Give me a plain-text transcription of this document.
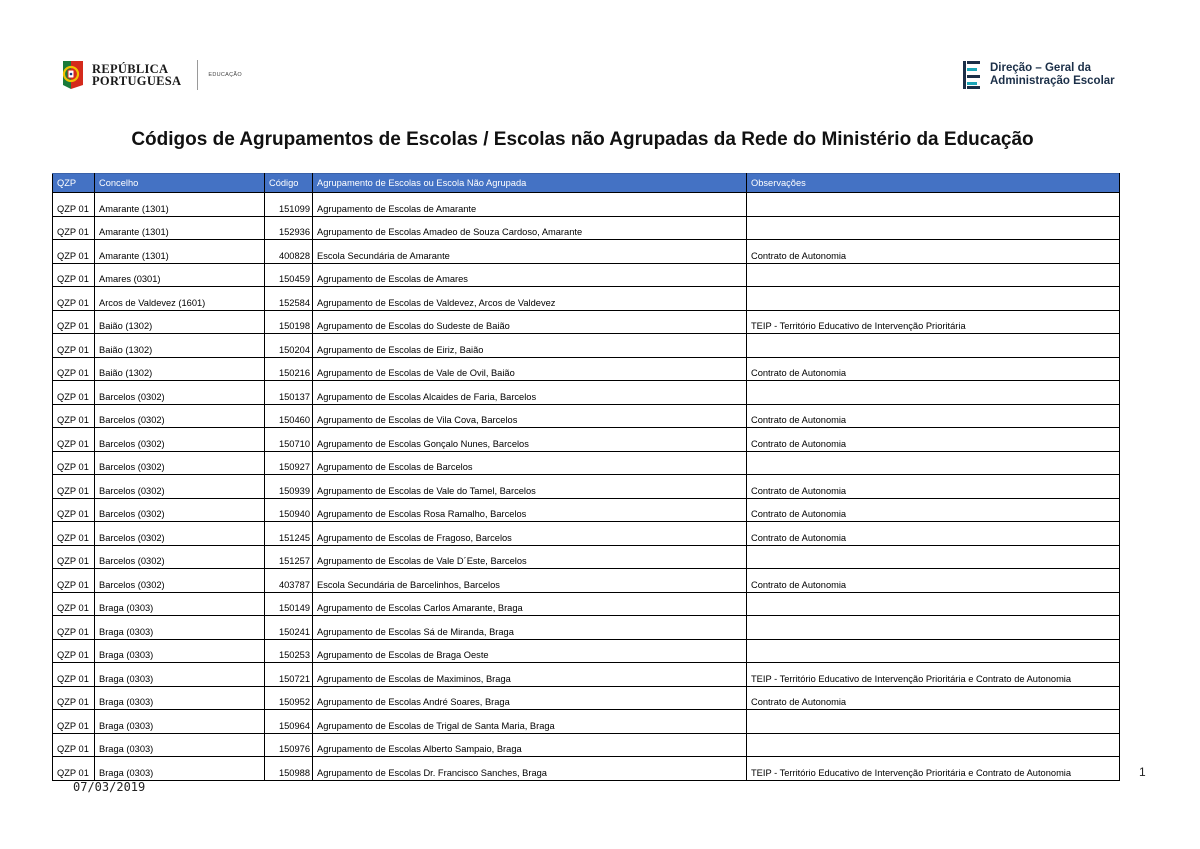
REPÚBLICA
PORTUGUESA	EDUCAÇÃO
Direção – Geral da
Administração Escolar
Códigos de Agrupamentos de Escolas / Escolas não Agrupadas da Rede do Ministério da Educação
QZP	Concelho	Código	Agrupamento de Escolas ou Escola Não Agrupada	Observações
QZP 01	Amarante (1301)	151099	Agrupamento de Escolas de Amarante	
QZP 01	Amarante (1301)	152936	Agrupamento de Escolas Amadeo de Souza Cardoso, Amarante	
QZP 01	Amarante (1301)	400828	Escola Secundária de Amarante	Contrato de Autonomia
QZP 01	Amares (0301)	150459	Agrupamento de Escolas de Amares	
QZP 01	Arcos de Valdevez (1601)	152584	Agrupamento de Escolas de Valdevez, Arcos de Valdevez	
QZP 01	Baião (1302)	150198	Agrupamento de Escolas do Sudeste de Baião	TEIP - Território Educativo de Intervenção Prioritária
QZP 01	Baião (1302)	150204	Agrupamento de Escolas de Eiriz, Baião	
QZP 01	Baião (1302)	150216	Agrupamento de Escolas de Vale de Ovil, Baião	Contrato de Autonomia
QZP 01	Barcelos (0302)	150137	Agrupamento de Escolas Alcaides de Faria, Barcelos	
QZP 01	Barcelos (0302)	150460	Agrupamento de Escolas de Vila Cova, Barcelos	Contrato de Autonomia
QZP 01	Barcelos (0302)	150710	Agrupamento de Escolas Gonçalo Nunes, Barcelos	Contrato de Autonomia
QZP 01	Barcelos (0302)	150927	Agrupamento de Escolas de Barcelos	
QZP 01	Barcelos (0302)	150939	Agrupamento de Escolas de Vale do Tamel, Barcelos	Contrato de Autonomia
QZP 01	Barcelos (0302)	150940	Agrupamento de Escolas Rosa Ramalho, Barcelos	Contrato de Autonomia
QZP 01	Barcelos (0302)	151245	Agrupamento de Escolas de Fragoso, Barcelos	Contrato de Autonomia
QZP 01	Barcelos (0302)	151257	Agrupamento de Escolas de Vale D´Este, Barcelos	
QZP 01	Barcelos (0302)	403787	Escola Secundária de Barcelinhos, Barcelos	Contrato de Autonomia
QZP 01	Braga (0303)	150149	Agrupamento de Escolas Carlos Amarante, Braga	
QZP 01	Braga (0303)	150241	Agrupamento de Escolas Sá de Miranda, Braga	
QZP 01	Braga (0303)	150253	Agrupamento de Escolas de Braga Oeste	
QZP 01	Braga (0303)	150721	Agrupamento de Escolas de Maximinos, Braga	TEIP - Território Educativo de Intervenção Prioritária e Contrato de Autonomia
QZP 01	Braga (0303)	150952	Agrupamento de Escolas André Soares, Braga	Contrato de Autonomia
QZP 01	Braga (0303)	150964	Agrupamento de Escolas de Trigal de Santa Maria, Braga	
QZP 01	Braga (0303)	150976	Agrupamento de Escolas Alberto Sampaio, Braga	
QZP 01	Braga (0303)	150988	Agrupamento de Escolas Dr. Francisco Sanches, Braga	TEIP - Território Educativo de Intervenção Prioritária e Contrato de Autonomia
07/03/2019
1
